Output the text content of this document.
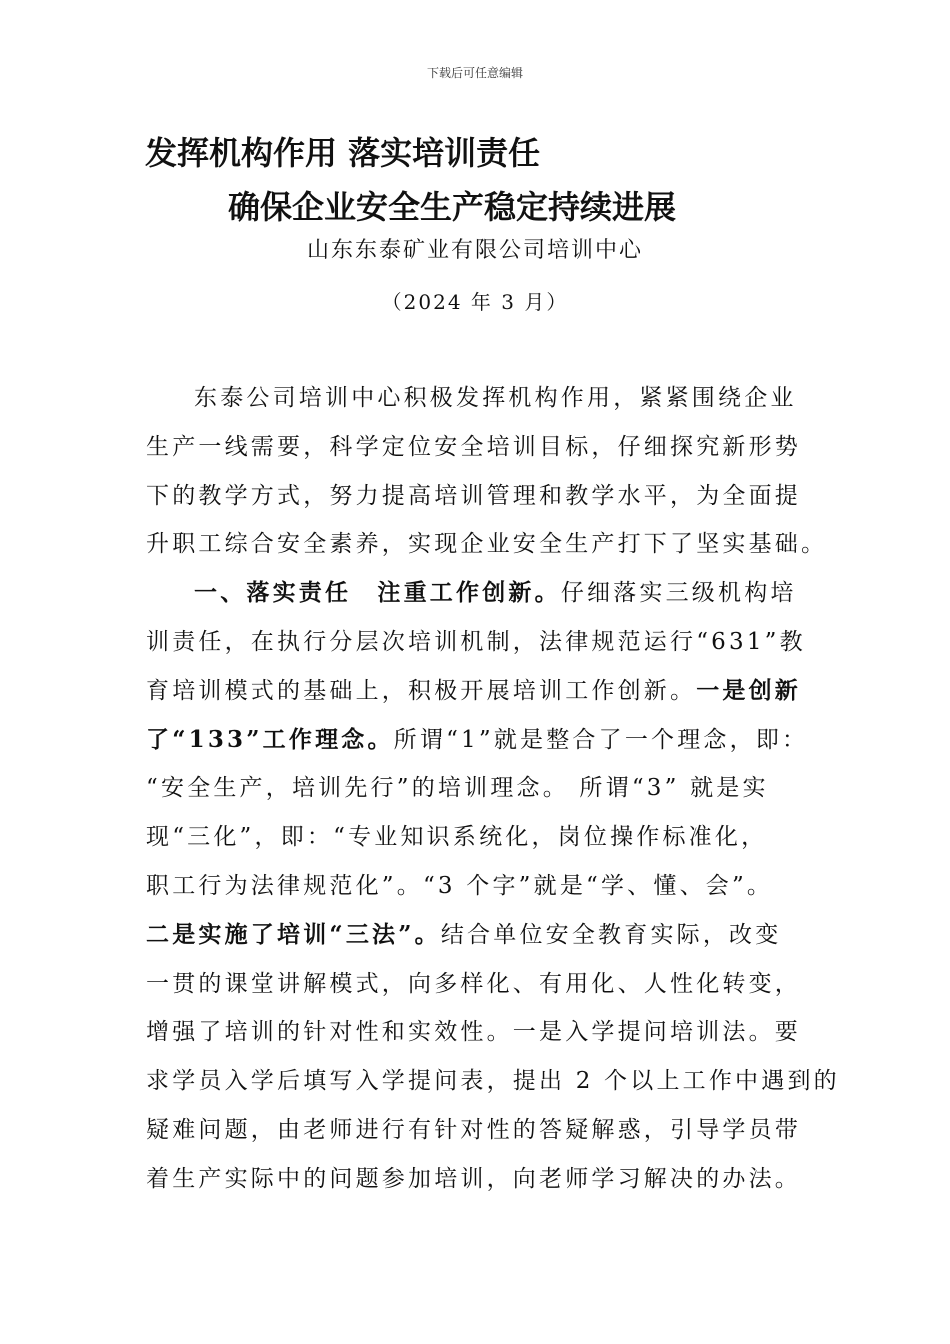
下载后可任意编辑
发挥机构作用 落实培训责任
确保企业安全生产稳定持续进展
山东东泰矿业有限公司培训中心
（2024 年 3 月）
东泰公司培训中心积极发挥机构作用，紧紧围绕企业
生产一线需要，科学定位安全培训目标，仔细探究新形势
下的教学方式，努力提高培训管理和教学水平，为全面提
升职工综合安全素养，实现企业安全生产打下了坚实基础。
一、落实责任　注重工作创新。仔细落实三级机构培
训责任，在执行分层次培训机制，法律规范运行“631”教
育培训模式的基础上，积极开展培训工作创新。一是创新
了“133”工作理念。所谓“1”就是整合了一个理念，即：
“安全生产，培训先行”的培训理念。 所谓“3” 就是实
现“三化”，即：“专业知识系统化，岗位操作标准化，
职工行为法律规范化”。“3 个字”就是“学、懂、会”。
二是实施了培训“三法”。结合单位安全教育实际，改变
一贯的课堂讲解模式，向多样化、有用化、人性化转变，
增强了培训的针对性和实效性。一是入学提问培训法。要
求学员入学后填写入学提问表，提出 2 个以上工作中遇到的
疑难问题，由老师进行有针对性的答疑解惑，引导学员带
着生产实际中的问题参加培训，向老师学习解决的办法。
